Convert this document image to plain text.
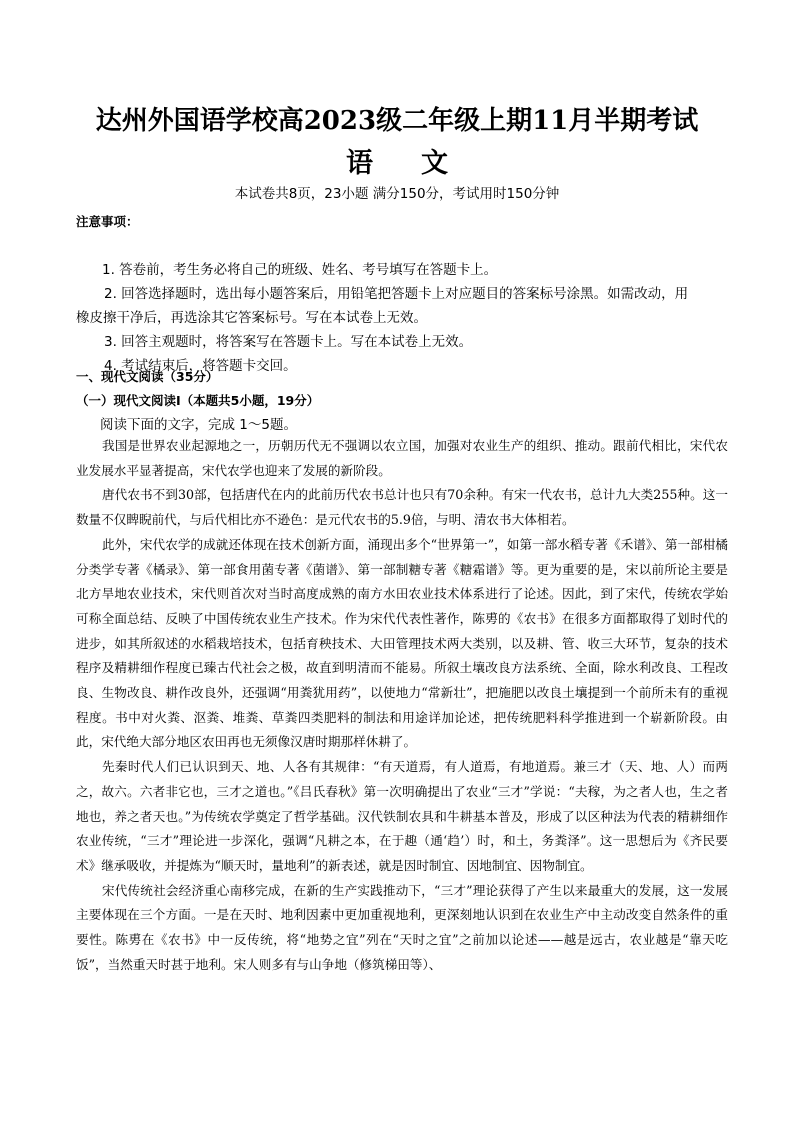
达州外国语学校高2023级二年级上期11月半期考试
语 文
本试卷共8页，23小题 满分150分，考试用时150分钟
注意事项：
1. 答卷前，考生务必将自己的班级、姓名、考号填写在答题卡上。
2. 回答选择题时，选出每小题答案后，用铅笔把答题卡上对应题目的答案标号涂黑。如需改动，用
橡皮擦干净后，再选涂其它答案标号。写在本试卷上无效。
3. 回答主观题时，将答案写在答题卡上。写在本试卷上无效。
4. 考试结束后，将答题卡交回。
一、现代文阅读（35分）
（一）现代文阅读Ⅰ（本题共5小题，19分）
阅读下面的文字，完成 1～5题。

我国是世界农业起源地之一，历朝历代无不强调以农立国，加强对农业生产的组织、推动。跟前代相比，宋代农业发展水平显著提高，宋代农学也迎来了发展的新阶段。

唐代农书不到30部，包括唐代在内的此前历代农书总计也只有70余种。有宋一代农书，总计九大类255种。这一数量不仅睥睨前代，与后代相比亦不逊色：是元代农书的5.9倍，与明、清农书大体相若。

此外，宋代农学的成就还体现在技术创新方面，涌现出多个“世界第一”，如第一部水稻专著《禾谱》、第一部柑橘分类学专著《橘录》、第一部食用菌专著《菌谱》、第一部制糖专著《糖霜谱》等。更为重要的是，宋以前所论主要是北方旱地农业技术，宋代则首次对当时高度成熟的南方水田农业技术体系进行了论述。因此，到了宋代，传统农学始可称全面总结、反映了中国传统农业生产技术。作为宋代代表性著作，陈旉的《农书》在很多方面都取得了划时代的进步，如其所叙述的水稻栽培技术，包括育秧技术、大田管理技术两大类别，以及耕、管、收三大环节，复杂的技术程序及精耕细作程度已臻古代社会之极，故直到明清而不能易。所叙土壤改良方法系统、全面，除水利改良、工程改良、生物改良、耕作改良外，还强调“用粪犹用药”，以使地力“常新壮”，把施肥以改良土壤提到一个前所未有的重视程度。书中对火粪、沤粪、堆粪、草粪四类肥料的制法和用途详加论述，把传统肥料科学推进到一个崭新阶段。由此，宋代绝大部分地区农田再也无须像汉唐时期那样休耕了。

先秦时代人们已认识到天、地、人各有其规律：“有天道焉，有人道焉，有地道焉。兼三才（天、地、人）而两之，故六。六者非它也，三才之道也。”《吕氏春秋》第一次明确提出了农业“三才”学说：“夫稼，为之者人也，生之者地也，养之者天也。”为传统农学奠定了哲学基础。汉代铁制农具和牛耕基本普及，形成了以区种法为代表的精耕细作农业传统，“三才”理论进一步深化，强调“凡耕之本，在于趣（通‘趋’）时，和土，务粪泽”。这一思想后为《齐民要术》继承吸收，并提炼为“顺天时，量地利”的新表述，就是因时制宜、因地制宜、因物制宜。

宋代传统社会经济重心南移完成，在新的生产实践推动下，“三才”理论获得了产生以来最重大的发展，这一发展主要体现在三个方面。一是在天时、地利因素中更加重视地利，更深刻地认识到在农业生产中主动改变自然条件的重要性。陈旉在《农书》中一反传统，将“地势之宜”列在“天时之宜”之前加以论述——越是远古，农业越是“靠天吃饭”，当然重天时甚于地利。宋人则多有与山争地（修筑梯田等）、
